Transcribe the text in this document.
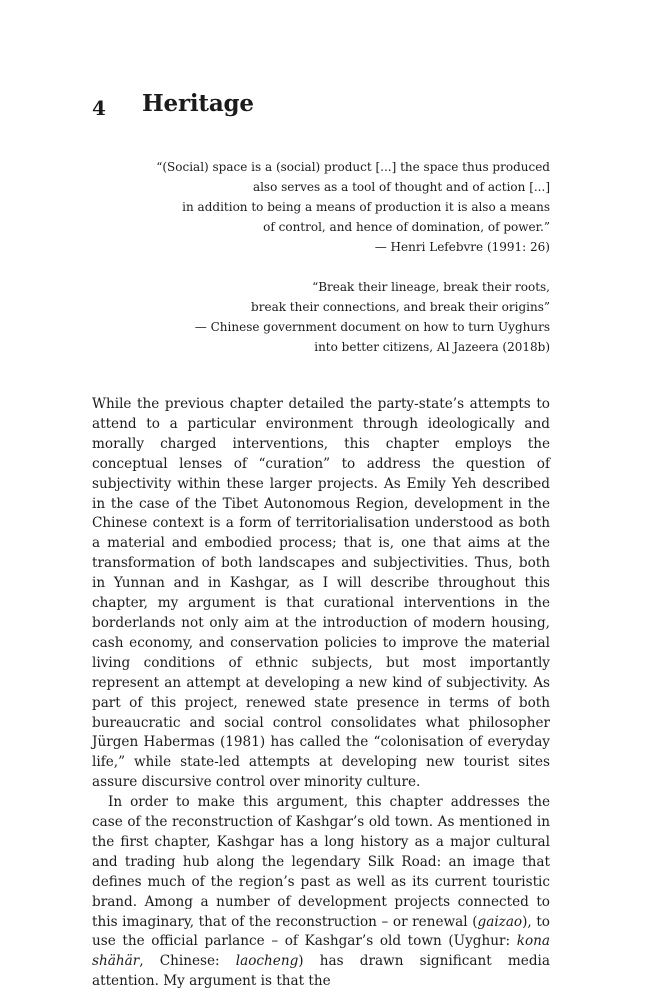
4 Heritage
“(Social) space is a (social) product [...] the space thus produced
also serves as a tool of thought and of action [...]
in addition to being a means of production it is also a means
of control, and hence of domination, of power.”
— Henri Lefebvre (1991: 26)
“Break their lineage, break their roots,
break their connections, and break their origins”
— Chinese government document on how to turn Uyghurs
into better citizens, Al Jazeera (2018b)

While the previous chapter detailed the party-state’s attempts to attend to a particular environment through ideologically and morally charged interventions, this chapter employs the conceptual lenses of “curation” to address the question of subjectivity within these larger projects. As Emily Yeh described in the case of the Tibet Autonomous Region, development in the Chinese context is a form of territorialisation understood as both a material and embodied process; that is, one that aims at the transformation of both landscapes and subjectivities. Thus, both in Yunnan and in Kashgar, as I will describe throughout this chapter, my argument is that curational interventions in the borderlands not only aim at the introduction of modern housing, cash economy, and conservation policies to improve the material living conditions of ethnic subjects, but most importantly represent an attempt at developing a new kind of subjectivity. As part of this project, renewed state presence in terms of both bureaucratic and social control consolidates what philosopher Jürgen Habermas (1981) has called the “colonisation of everyday life,” while state-led attempts at developing new tourist sites assure discursive control over minority culture.

In order to make this argument, this chapter addresses the case of the reconstruction of Kashgar’s old town. As mentioned in the first chapter, Kashgar has a long history as a major cultural and trading hub along the legendary Silk Road: an image that defines much of the region’s past as well as its current touristic brand. Among a number of development projects connected to this imaginary, that of the reconstruction – or renewal (gaizao), to use the official parlance – of Kashgar’s old town (Uyghur: kona shähär, Chinese: laocheng) has drawn significant media attention. My argument is that the
